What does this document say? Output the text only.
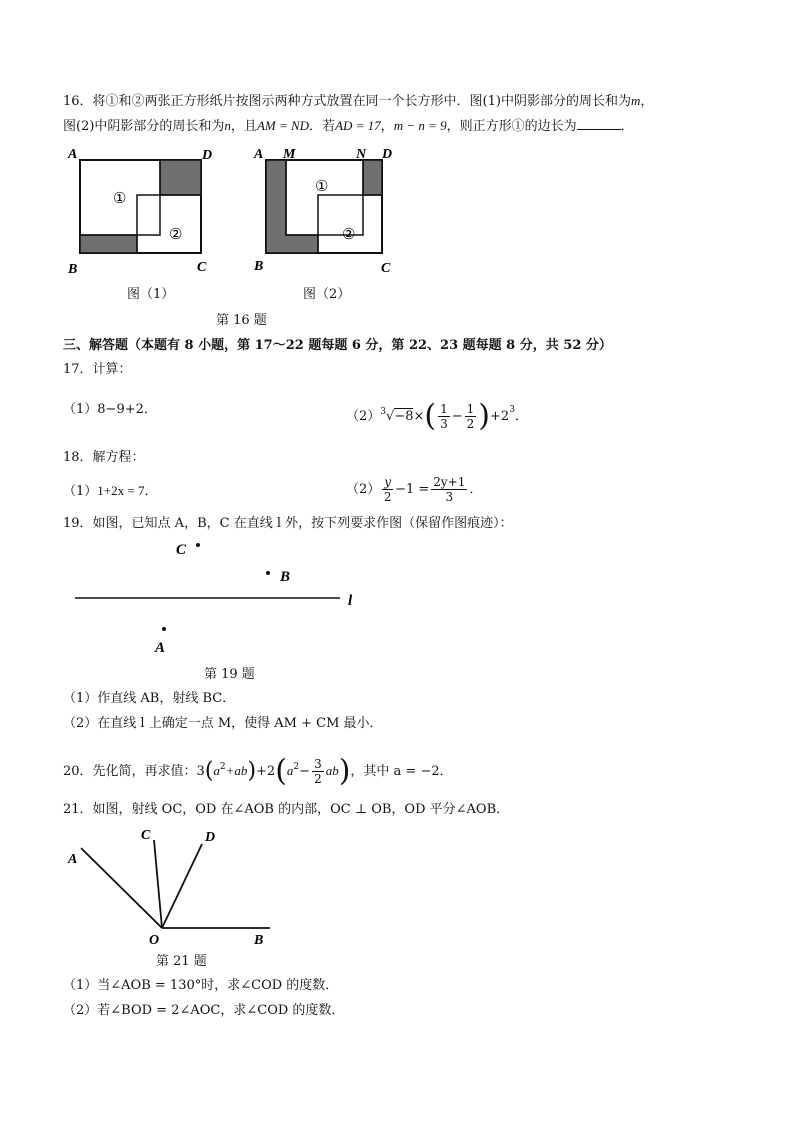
16．将①和②两张正方形纸片按图示两种方式放置在同一个长方形中．图(1)中阴影部分的周长和为m，
图(2)中阴影部分的周长和为n，且AM = ND．若AD = 17，m − n = 9，则正方形①的边长为	．
A	D
B	C
①
②
图（1）
A M	N D
B	C
①
②
图（2）
第 16 题
三、解答题（本题有 8 小题，第 17～22 题每题 6 分，第 22、23 题每题 8 分，共 52 分）
17．计算：
（1）8−9+2．	$(2)^3√-8\times( \frac{1}{3} - \frac{1}{2} )+2^3$．
18．解方程：
（1）1+2x = 7．	$(2) \frac{y}{2} -1 = \frac{2y+1}{3}$ ．
19．如图，已知点 A，B，C 在直线 l 外，按下列要求作图（保留作图痕迹）：
C
B
A
l
第 19 题
（1）作直线 AB，射线 BC．
（2）在直线 l 上确定一点 M，使得 AM + CM 最小．
20．先化简，再求值：$3(a^2+ab)+2(a^2- \frac{3}{2} ab)$，其中 a = −2．
21．如图，射线 OC，OD 在∠AOB 的内部，OC ⊥ OB，OD 平分∠AOB．
A
C	D
O	B
第 21 题
（1）当∠AOB = 130°时，求∠COD 的度数．
（2）若∠BOD = 2∠AOC，求∠COD 的度数．
